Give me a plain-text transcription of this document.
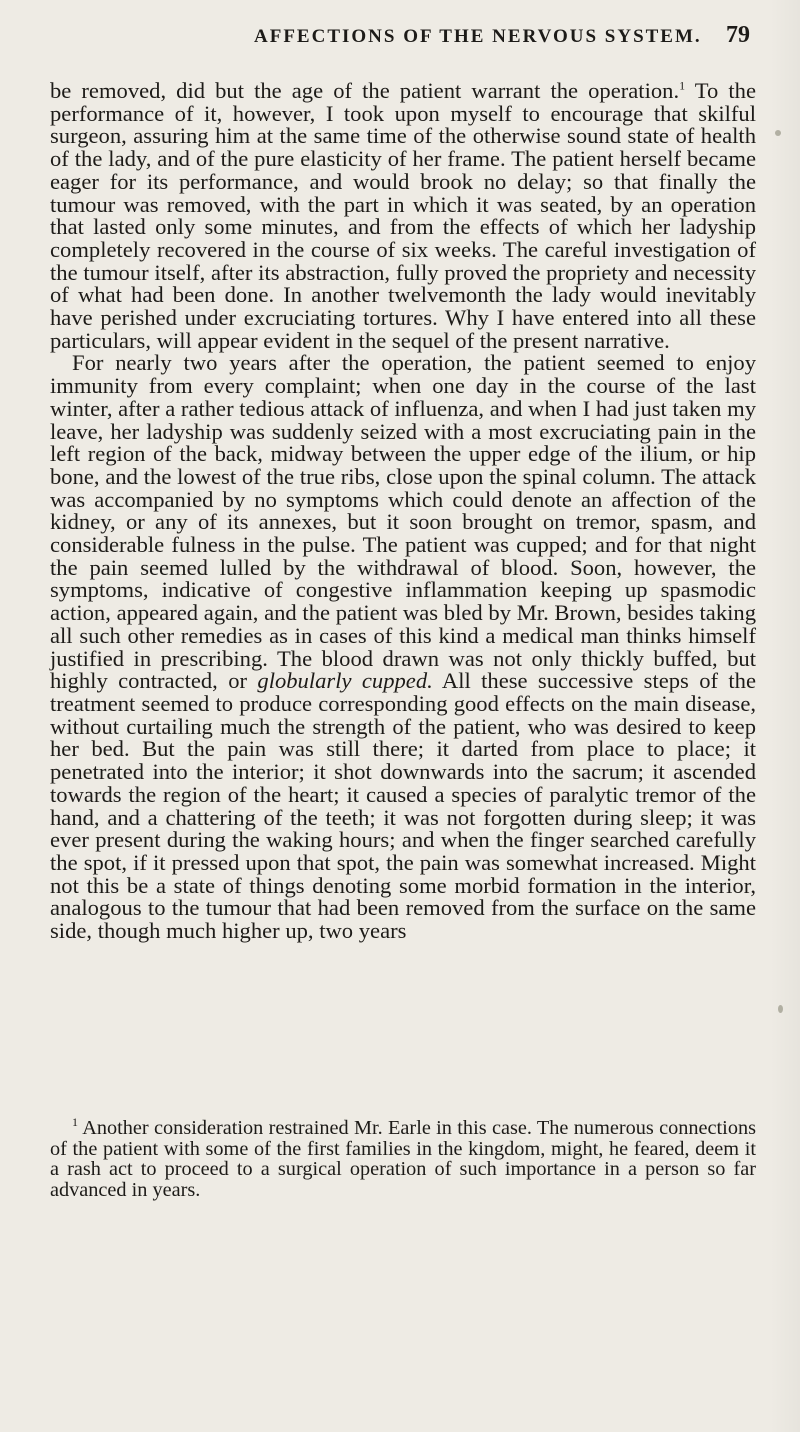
AFFECTIONS OF THE NERVOUS SYSTEM. 79

be removed, did but the age of the patient warrant the operation.$^1$ To the performance of it, however, I took upon myself to encourage that skilful surgeon, assuring him at the same time of the otherwise sound state of health of the lady, and of the pure elasticity of her frame. The patient herself became eager for its performance, and would brook no delay; so that finally the tumour was removed, with the part in which it was seated, by an operation that lasted only some minutes, and from the effects of which her ladyship completely recovered in the course of six weeks. The careful investigation of the tumour itself, after its abstraction, fully proved the propriety and necessity of what had been done. In another twelvemonth the lady would inevitably have perished under excruciating tortures. Why I have entered into all these particulars, will appear evident in the sequel of the present narrative.

For nearly two years after the operation, the patient seemed to enjoy immunity from every complaint; when one day in the course of the last winter, after a rather tedious attack of influenza, and when I had just taken my leave, her ladyship was suddenly seized with a most excruciating pain in the left region of the back, midway between the upper edge of the ilium, or hip bone, and the lowest of the true ribs, close upon the spinal column. The attack was accompanied by no symptoms which could denote an affection of the kidney, or any of its annexes, but it soon brought on tremor, spasm, and considerable fulness in the pulse. The patient was cupped; and for that night the pain seemed lulled by the withdrawal of blood. Soon, however, the symptoms, indicative of congestive inflammation keeping up spasmodic action, appeared again, and the patient was bled by Mr. Brown, besides taking all such other remedies as in cases of this kind a medical man thinks himself justified in prescribing. The blood drawn was not only thickly buffed, but highly contracted, or globularly cupped. All these successive steps of the treatment seemed to produce corresponding good effects on the main disease, without curtailing much the strength of the patient, who was desired to keep her bed. But the pain was still there; it darted from place to place; it penetrated into the interior; it shot downwards into the sacrum; it ascended towards the region of the heart; it caused a species of paralytic tremor of the hand, and a chattering of the teeth; it was not forgotten during sleep; it was ever present during the waking hours; and when the finger searched carefully the spot, if it pressed upon that spot, the pain was somewhat increased. Might not this be a state of things denoting some morbid formation in the interior, analogous to the tumour that had been removed from the surface on the same side, though much higher up, two years

$^1$ Another consideration restrained Mr. Earle in this case. The numerous connections of the patient with some of the first families in the kingdom, might, he feared, deem it a rash act to proceed to a surgical operation of such importance in a person so far advanced in years.
